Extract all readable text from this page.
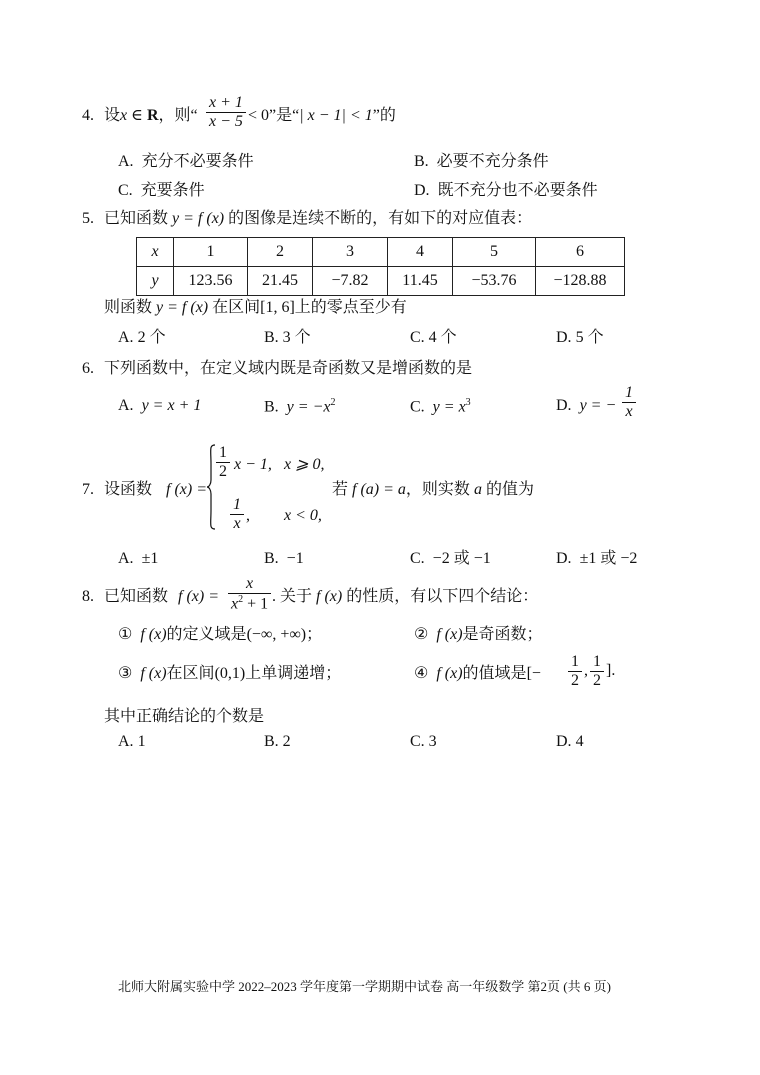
4. 设x ∈ R，则“ $\frac{x + 1}{x - 5} < 0$”是“| x − 1| < 1”的
A. 充分不必要条件	B. 必要不充分条件
C. 充要条件	D. 既不充分也不必要条件
5. 已知函数 y = f (x) 的图像是连续不断的，有如下的对应值表：
x	1	2	3	4	5	6
y	123.56	21.45	−7.82	11.45	−53.76	−128.88
则函数 y = f (x) 在区间[1, 6]上的零点至少有
A. 2 个	B. 3 个	C. 4 个	D. 5 个
6. 下列函数中，在定义域内既是奇函数又是增函数的是
A. y = x + 1	B. $y = -x^2$	C. $y = x^3$	D. y = − $\frac{1}{x}$
7. 设函数 f (x) =
$\frac{1}{2}$ x − 1, x ⩾ 0,
$\frac{1}{x}$ , x < 0,
若 f (a) = a，则实数 a 的值为
A. ±1	B. −1	C. −2 或 −1	D. ±1 或 −2
8. 已知函数 f $(x) = \frac{x}{x^2 + 1}$ . 关于 f (x) 的性质，有以下四个结论：
① f (x)的定义域是(−∞, +∞)；	② f (x)是奇函数；
③ f (x)在区间(0,1)上单调递增；	④ f (x)的值域是[− $\frac{1}{2}$ , $\frac{1}{2}$ ].
其中正确结论的个数是
A. 1	B. 2	C. 3	D. 4
北师大附属实验中学 2022–2023 学年度第一学期期中试卷 高一年级数学 第2页 (共 6 页)
